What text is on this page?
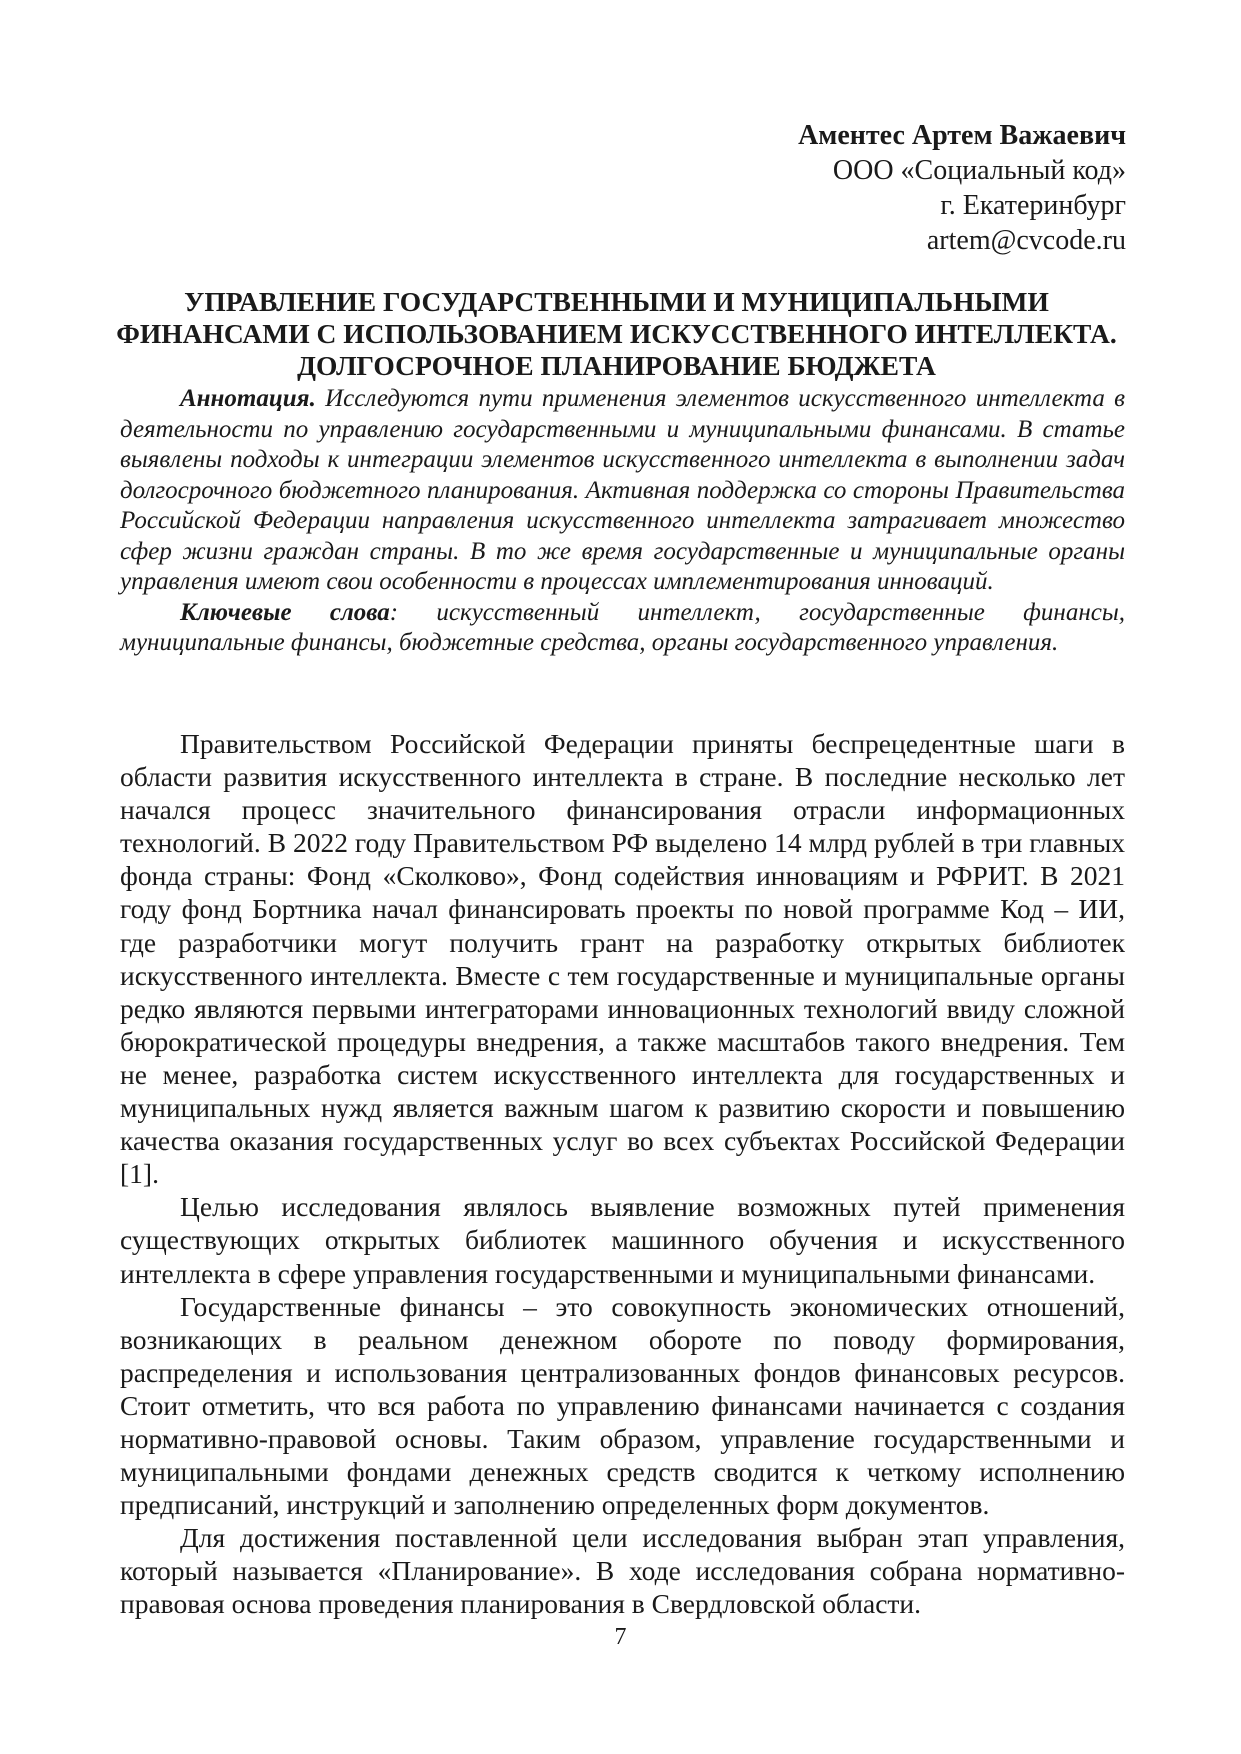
Аментес Артем Важаевич
ООО «Социальный код»
г. Екатеринбург
artem@cvcode.ru
УПРАВЛЕНИЕ ГОСУДАРСТВЕННЫМИ И МУНИЦИПАЛЬНЫМИ
ФИНАНСАМИ С ИСПОЛЬЗОВАНИЕМ ИСКУССТВЕННОГО ИНТЕЛЛЕКТА.
ДОЛГОСРОЧНОЕ ПЛАНИРОВАНИЕ БЮДЖЕТА

Аннотация. Исследуются пути применения элементов искусственного интеллекта в деятельности по управлению государственными и муниципальными финансами. В статье выявлены подходы к интеграции элементов искусственного интеллекта в выполнении задач долгосрочного бюджетного планирования. Активная поддержка со стороны Правительства Российской Федерации направления искусственного интеллекта затрагивает множество сфер жизни граждан страны. В то же время государственные и муниципальные органы управления имеют свои особенности в процессах имплементирования инноваций.

Ключевые слова: искусственный интеллект, государственные финансы, муниципальные финансы, бюджетные средства, органы государственного управления.

Правительством Российской Федерации приняты беспрецедентные шаги в области развития искусственного интеллекта в стране. В последние несколько лет начался процесс значительного финансирования отрасли информационных технологий. В 2022 году Правительством РФ выделено 14 млрд рублей в три главных фонда страны: Фонд «Сколково», Фонд содействия инновациям и РФРИТ. В 2021 году фонд Бортника начал финансировать проекты по новой программе Код – ИИ, где разработчики могут получить грант на разработку открытых библиотек искусственного интеллекта. Вместе с тем государственные и муниципальные органы редко являются первыми интеграторами инновационных технологий ввиду сложной бюрократической процедуры внедрения, а также масштабов такого внедрения. Тем не менее, разработка систем искусственного интеллекта для государственных и муниципальных нужд является важным шагом к развитию скорости и повышению качества оказания государственных услуг во всех субъектах Российской Федерации [1].

Целью исследования являлось выявление возможных путей применения существующих открытых библиотек машинного обучения и искусственного интеллекта в сфере управления государственными и муниципальными финансами.

Государственные финансы – это совокупность экономических отношений, возникающих в реальном денежном обороте по поводу формирования, распределения и использования централизованных фондов финансовых ресурсов. Стоит отметить, что вся работа по управлению финансами начинается с создания нормативно-правовой основы. Таким образом, управление государственными и муниципальными фондами денежных средств сводится к четкому исполнению предписаний, инструкций и заполнению определенных форм документов.

Для достижения поставленной цели исследования выбран этап управления, который называется «Планирование». В ходе исследования собрана нормативно-правовая основа проведения планирования в Свердловской области.

7
